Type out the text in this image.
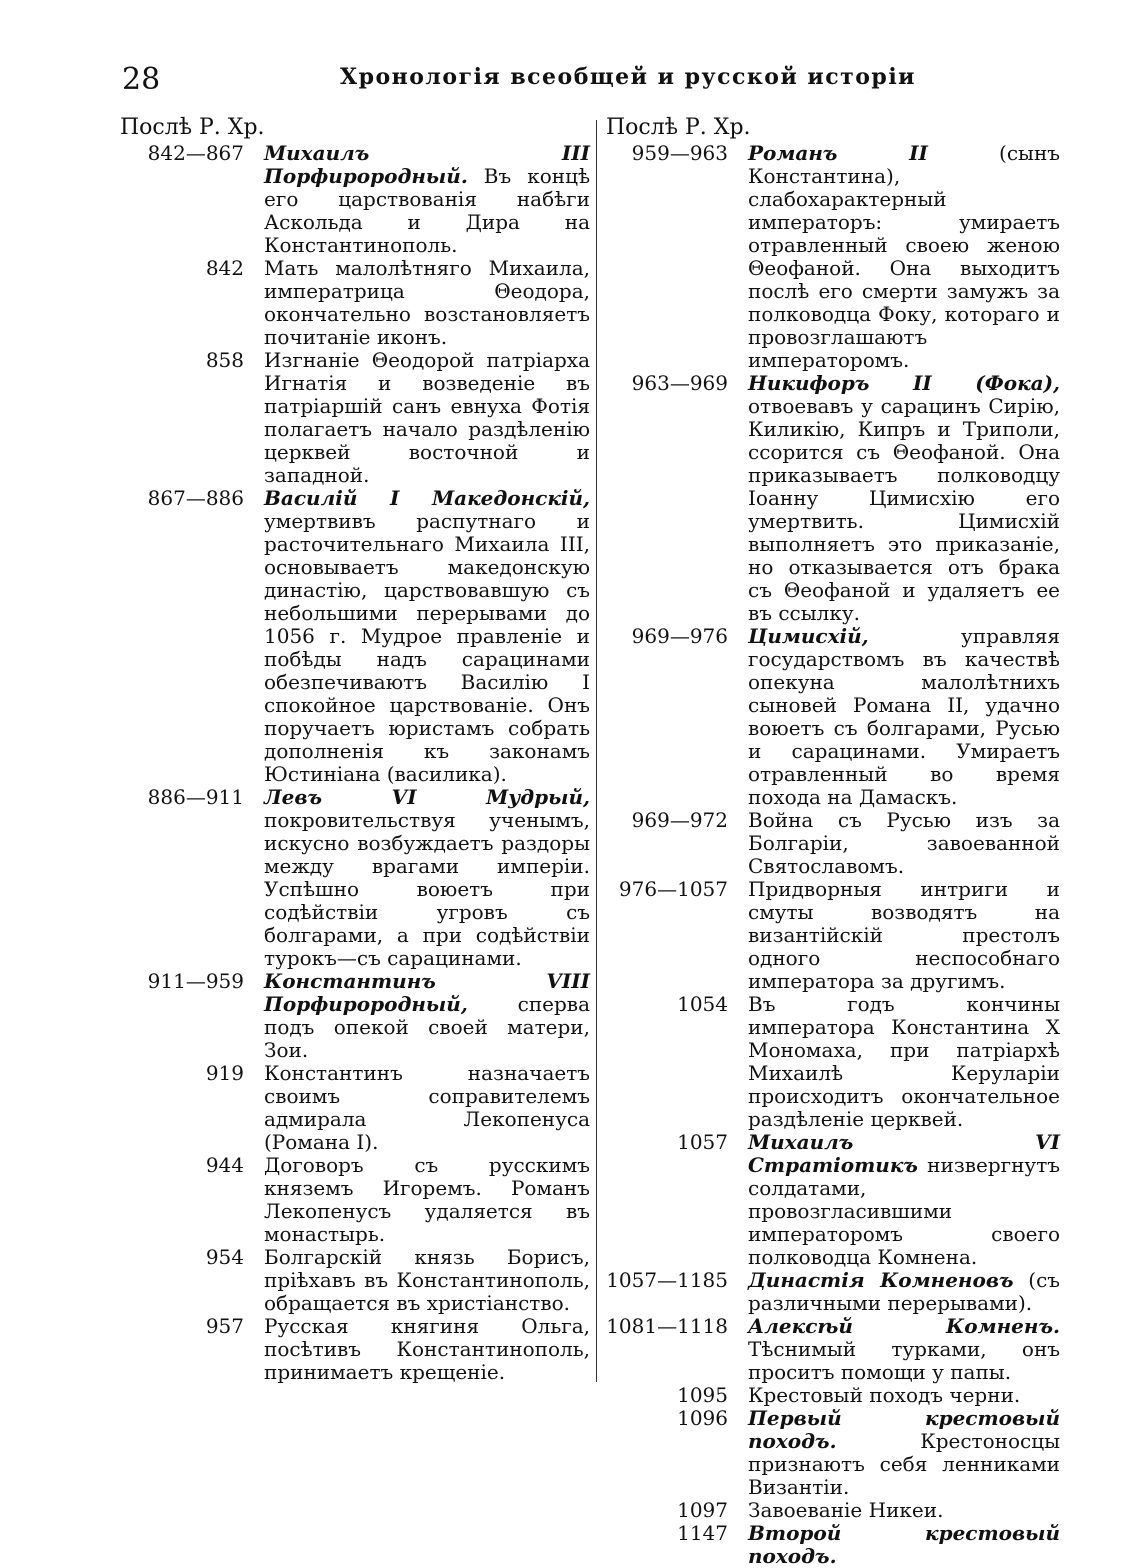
28	Хронологія всеобщей и русской исторіи
Послѣ Р. Хр.
842—867 Михаилъ III Порфирородный. Въ концѣ его царствованія набѣги Аскольда и Дира на Константинополь.
842 Мать малолѣтняго Михаила, императрица Θеодора, окончательно возстановляетъ почитаніе иконъ.
858 Изгнаніе Θеодорой патріарха Игнатія и возведеніе въ патріаршій санъ евнуха Фотія полагаетъ начало раздѣленію церквей восточной и западной.
867—886 Василій I Македонскій, умертвивъ распутнаго и расточительнаго Михаила III, основываетъ македонскую династію, царствовавшую съ небольшими перерывами до 1056 г. Мудрое правленіе и побѣды надъ сарацинами обезпечиваютъ Василію I спокойное царствованіе. Онъ поручаетъ юристамъ собрать дополненія къ законамъ Юстиніана (василика).
886—911 Левъ VI Мудрый, покровительствуя ученымъ, искусно возбуждаетъ раздоры между врагами имперіи. Успѣшно воюетъ при содѣйствіи угровъ съ болгарами, а при содѣйствіи турокъ—съ сарацинами.
911—959 Константинъ VIII Порфирородный, сперва подъ опекой своей матери, Зои.
919 Константинъ назначаетъ своимъ соправителемъ адмирала Лекопенуса (Романа I).
944 Договоръ съ русскимъ княземъ Игоремъ. Романъ Лекопенусъ удаляется въ монастырь.
954 Болгарскій князь Борисъ, пріѣхавъ въ Константинополь, обращается въ христіанство.
957 Русская княгиня Ольга, посѣтивъ Константинополь, принимаетъ крещеніе.
Послѣ Р. Хр.
959—963 Романъ II	(сынъ Константина), слабохарактерный императоръ: умираетъ отравленный своею женою Θеофаной. Она выходитъ послѣ его смерти замужъ за полководца Фоку, котораго и провозглашаютъ императоромъ.
963—969 Никифоръ II (Фока), отвоевавъ у сарацинъ Сирію, Киликію, Кипръ и Триполи, ссорится съ Θеофаной. Она приказываетъ полководцу Іоанну Цимисхію его умертвить. Цимисхій выполняетъ это приказаніе, но отказывается отъ брака съ Θеофаной и удаляетъ ее въ ссылку.
969—976 Цимисхій,	управляя государствомъ въ качествѣ опекуна малолѣтнихъ сыновей Романа II, удачно воюетъ съ болгарами, Русью и сарацинами. Умираетъ отравленный во время похода на Дамаскъ.
969—972 Война съ Русью изъ за Болгаріи, завоеванной Святославомъ.
976—1057 Придворныя интриги и смуты возводятъ на византійскій престолъ одного неспособнаго императора за другимъ.
1054 Въ годъ кончины императора Константина X Мономаха, при патріархѣ Михаилѣ Керуларіи происходитъ окончательное раздѣленіе церквей.
1057 Михаилъ VI Стратіотикъ низвергнутъ солдатами, провозгласившими императоромъ своего полководца Комнена.
1057—1185 Династія Комненовъ (съ различными перерывами).
1081—1118 Алексѣй Комненъ. Тѣснимый турками, онъ проситъ помощи у папы.
1095 Крестовый походъ черни.
1096 Первый крестовый походъ.	Крестоносцы признаютъ себя ленниками Византіи.
1097 Завоеваніе Никеи.
1147 Второй крестовый походъ.
